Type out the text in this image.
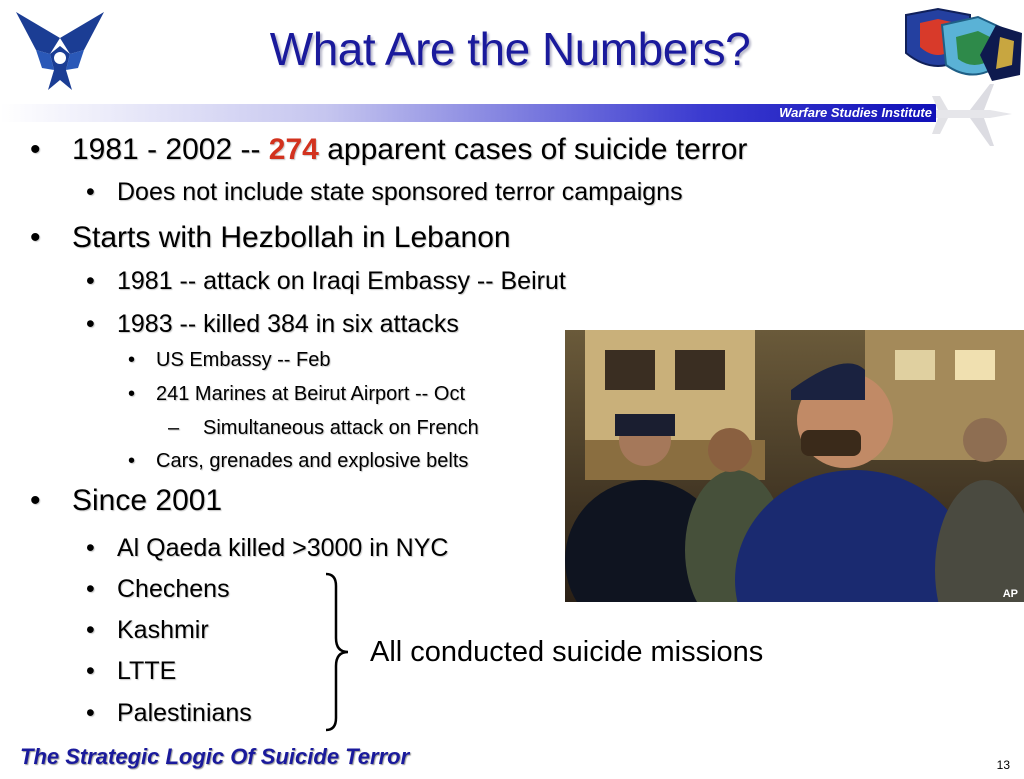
What Are the Numbers?
Warfare Studies Institute
• 1981 - 2002 -- 274 apparent cases of suicide terror
• Does not include state sponsored terror campaigns
• Starts with Hezbollah in Lebanon
• 1981 -- attack on Iraqi Embassy -- Beirut
• 1983 -- killed 384 in six attacks
• US Embassy -- Feb
• 241 Marines at Beirut Airport -- Oct
– Simultaneous attack on French
• Cars, grenades and explosive belts
AP
• Since 2001
• Al Qaeda killed >3000 in NYC
• Chechens
• Kashmir
• LTTE
• Palestinians
All conducted suicide missions
The Strategic Logic Of Suicide Terror	13
